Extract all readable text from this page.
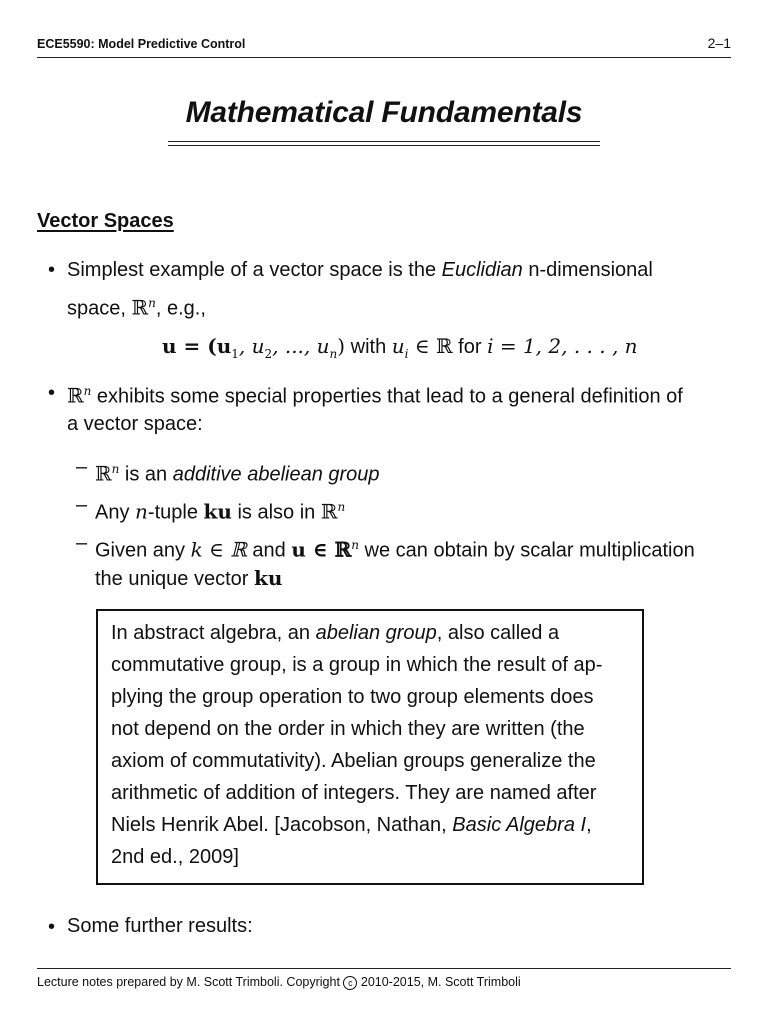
ECE5590: Model Predictive Control	2–1
Mathematical Fundamentals
Vector Spaces
• Simplest example of a vector space is the Euclidian n-dimensional
space, ℝ$^n$, e.g.,
$u = (u_1$, $u_2$, ..., $u_n$) with $u_i$ ∈ ℝ for i = 1, 2, . . . , n
• ℝ$^n$ exhibits some special properties that lead to a general definition of
a vector space:
– ℝ$^n$ is an additive abeliean group
– Any n-tuple ku is also in ℝ$^n$
– Given any k ∈ ℝ and u ∈ ℝ$^n$ we can obtain by scalar multiplication
the unique vector ku
In abstract algebra, an abelian group, also called a
commutative group, is a group in which the result of ap-
plying the group operation to two group elements does
not depend on the order in which they are written (the
axiom of commutativity). Abelian groups generalize the
arithmetic of addition of integers. They are named after
Niels Henrik Abel. [Jacobson, Nathan, Basic Algebra I,
2nd ed., 2009]
• Some further results:
Lecture notes prepared by M. Scott Trimboli. Copyright c 2010-2015, M. Scott Trimboli
